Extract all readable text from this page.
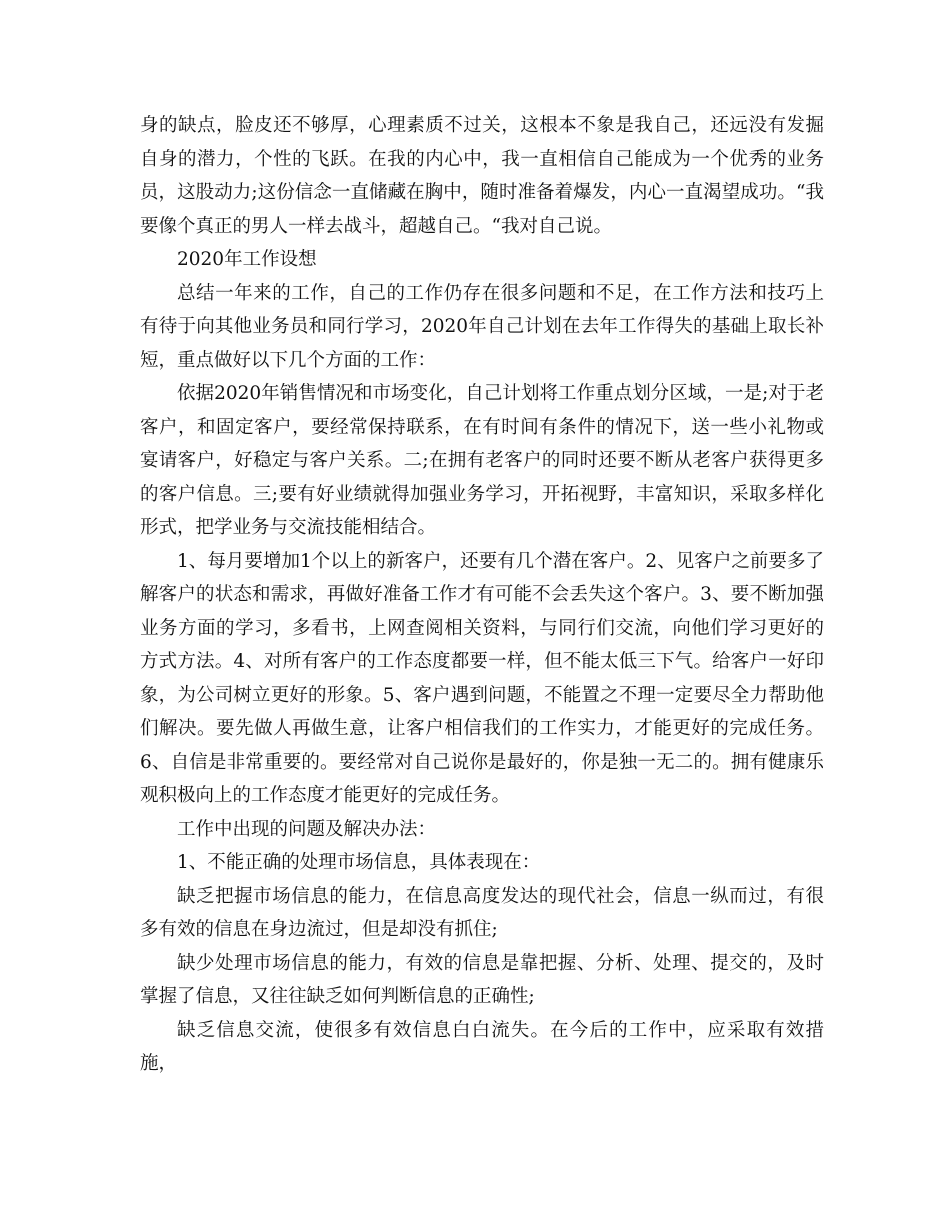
身的缺点，脸皮还不够厚，心理素质不过关，这根本不象是我自己，还远没有发掘自身的潜力，个性的飞跃。在我的内心中，我一直相信自己能成为一个优秀的业务员，这股动力;这份信念一直储藏在胸中，随时准备着爆发，内心一直渴望成功。“我要像个真正的男人一样去战斗，超越自己。“我对自己说。

2020年工作设想

总结一年来的工作，自己的工作仍存在很多问题和不足，在工作方法和技巧上有待于向其他业务员和同行学习，2020年自己计划在去年工作得失的基础上取长补短，重点做好以下几个方面的工作：

依据2020年销售情况和市场变化，自己计划将工作重点划分区域，一是;对于老客户，和固定客户，要经常保持联系，在有时间有条件的情况下，送一些小礼物或宴请客户，好稳定与客户关系。二;在拥有老客户的同时还要不断从老客户获得更多的客户信息。三;要有好业绩就得加强业务学习，开拓视野，丰富知识，采取多样化形式，把学业务与交流技能相结合。

1、每月要增加1个以上的新客户，还要有几个潜在客户。2、见客户之前要多了解客户的状态和需求，再做好准备工作才有可能不会丢失这个客户。3、要不断加强业务方面的学习，多看书，上网查阅相关资料，与同行们交流，向他们学习更好的方式方法。4、对所有客户的工作态度都要一样，但不能太低三下气。给客户一好印象，为公司树立更好的形象。5、客户遇到问题，不能置之不理一定要尽全力帮助他们解决。要先做人再做生意，让客户相信我们的工作实力，才能更好的完成任务。6、自信是非常重要的。要经常对自己说你是最好的，你是独一无二的。拥有健康乐观积极向上的工作态度才能更好的完成任务。

工作中出现的问题及解决办法：

1、不能正确的处理市场信息，具体表现在：

缺乏把握市场信息的能力，在信息高度发达的现代社会，信息一纵而过，有很多有效的信息在身边流过，但是却没有抓住;

缺少处理市场信息的能力，有效的信息是靠把握、分析、处理、提交的，及时掌握了信息，又往往缺乏如何判断信息的正确性;

缺乏信息交流，使很多有效信息白白流失。在今后的工作中，应采取有效措施，
